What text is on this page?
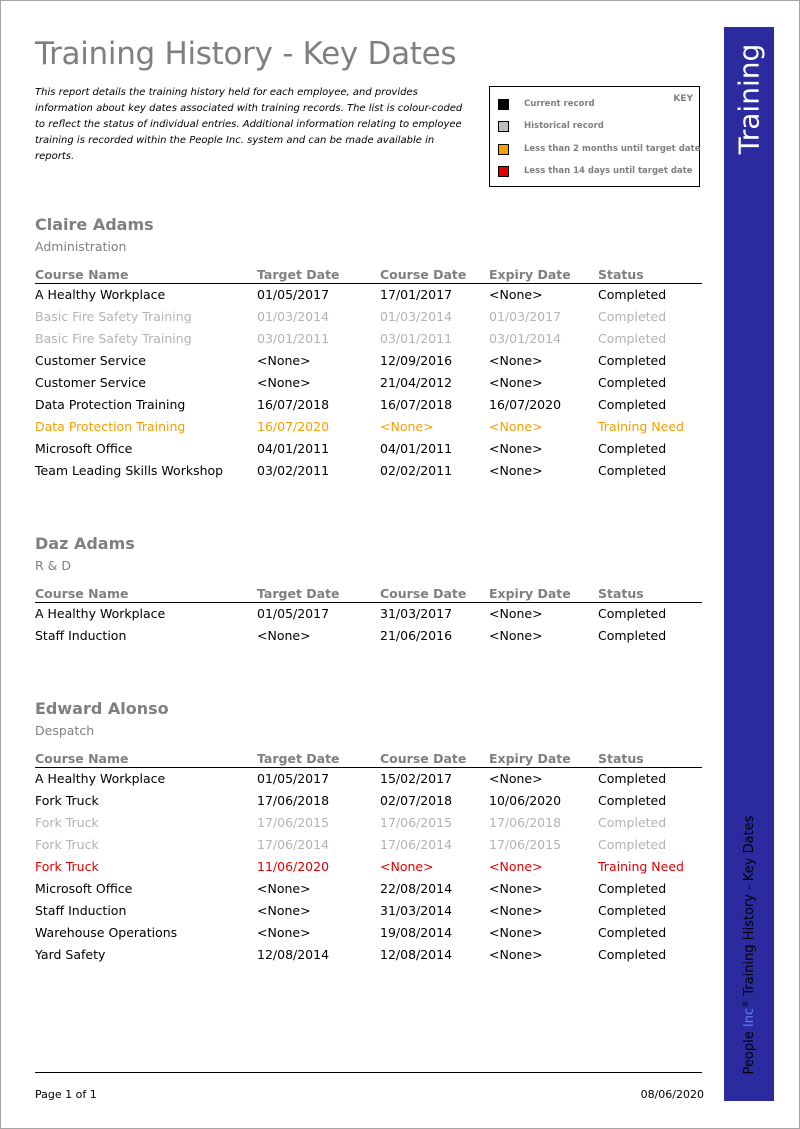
Training History - Key Dates
This report details the training history held for each employee, and provides information about key dates associated with training records. The list is colour-coded to reflect the status of individual entries. Additional information relating to employee training is recorded within the People Inc. system and can be made available in reports.
KEY
Current record
Historical record
Less than 2 months until target date
Less than 14 days until target date
Training
People Inc® Training History - Key Dates
Claire Adams
Administration
Course Name	Target Date	Course Date	Expiry Date	Status
A Healthy Workplace	01/05/2017	17/01/2017	<None>	Completed
Basic Fire Safety Training	01/03/2014	01/03/2014	01/03/2017	Completed
Basic Fire Safety Training	03/01/2011	03/01/2011	03/01/2014	Completed
Customer Service	<None>	12/09/2016	<None>	Completed
Customer Service	<None>	21/04/2012	<None>	Completed
Data Protection Training	16/07/2018	16/07/2018	16/07/2020	Completed
Data Protection Training	16/07/2020	<None>	<None>	Training Need
Microsoft Office	04/01/2011	04/01/2011	<None>	Completed
Team Leading Skills Workshop	03/02/2011	02/02/2011	<None>	Completed
Daz Adams
R & D
Course Name	Target Date	Course Date	Expiry Date	Status
A Healthy Workplace	01/05/2017	31/03/2017	<None>	Completed
Staff Induction	<None>	21/06/2016	<None>	Completed
Edward Alonso
Despatch
Course Name	Target Date	Course Date	Expiry Date	Status
A Healthy Workplace	01/05/2017	15/02/2017	<None>	Completed
Fork Truck	17/06/2018	02/07/2018	10/06/2020	Completed
Fork Truck	17/06/2015	17/06/2015	17/06/2018	Completed
Fork Truck	17/06/2014	17/06/2014	17/06/2015	Completed
Fork Truck	11/06/2020	<None>	<None>	Training Need
Microsoft Office	<None>	22/08/2014	<None>	Completed
Staff Induction	<None>	31/03/2014	<None>	Completed
Warehouse Operations	<None>	19/08/2014	<None>	Completed
Yard Safety	12/08/2014	12/08/2014	<None>	Completed
Page 1 of 1	08/06/2020
